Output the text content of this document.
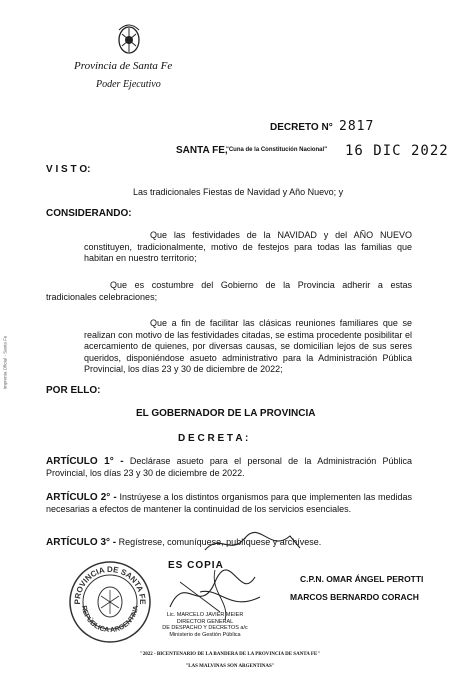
Provincia de Santa Fe
Poder Ejecutivo
DECRETO N° 2817
SANTA FE,
"Cuna de la Constitución Nacional" 16 DIC 2022
Imprenta Oficial - Santa Fe
V I S T O:
Las tradicionales Fiestas de Navidad y Año Nuevo; y
CONSIDERANDO:
Que las festividades de la NAVIDAD y del AÑO NUEVO constituyen, tradicionalmente, motivo de festejos para todas las familias que habitan en nuestro territorio;
Que es costumbre del Gobierno de la Provincia adherir a estas tradicionales celebraciones;
Que a fin de facilitar las clásicas reuniones familiares que se realizan con motivo de las festividades citadas, se estima procedente posibilitar el acercamiento de quienes, por diversas causas, se domicilian lejos de sus seres queridos, disponiéndose asueto administrativo para la Administración Pública Provincial, los días 23 y 30 de diciembre de 2022;
POR ELLO:
EL GOBERNADOR DE LA PROVINCIA
D E C R E T A :
ARTÍCULO 1° - Declárase asueto para el personal de la Administración Pública Provincial, los días 23 y 30 de diciembre de 2022.
ARTÍCULO 2° - Instrúyese a los distintos organismos para que implementen las medidas necesarias a efectos de mantener la continuidad de los servicios esenciales.
ARTÍCULO 3° - Regístrese, comuníquese, publíquese y archívese.
PROVINCIA DE SANTA FE
REPÚBLICA ARGENTINA
ES COPIA
Lic. MARCELO JAVIER MEIER
DIRECTOR GENERAL
DE DESPACHO Y DECRETOS a/c
Ministerio de Gestión Pública
C.P.N. OMAR ÁNGEL PEROTTI
MARCOS BERNARDO CORACH
"2022 - BICENTENARIO DE LA BANDERA DE LA PROVINCIA DE SANTA FE"
"LAS MALVINAS SON ARGENTINAS"
